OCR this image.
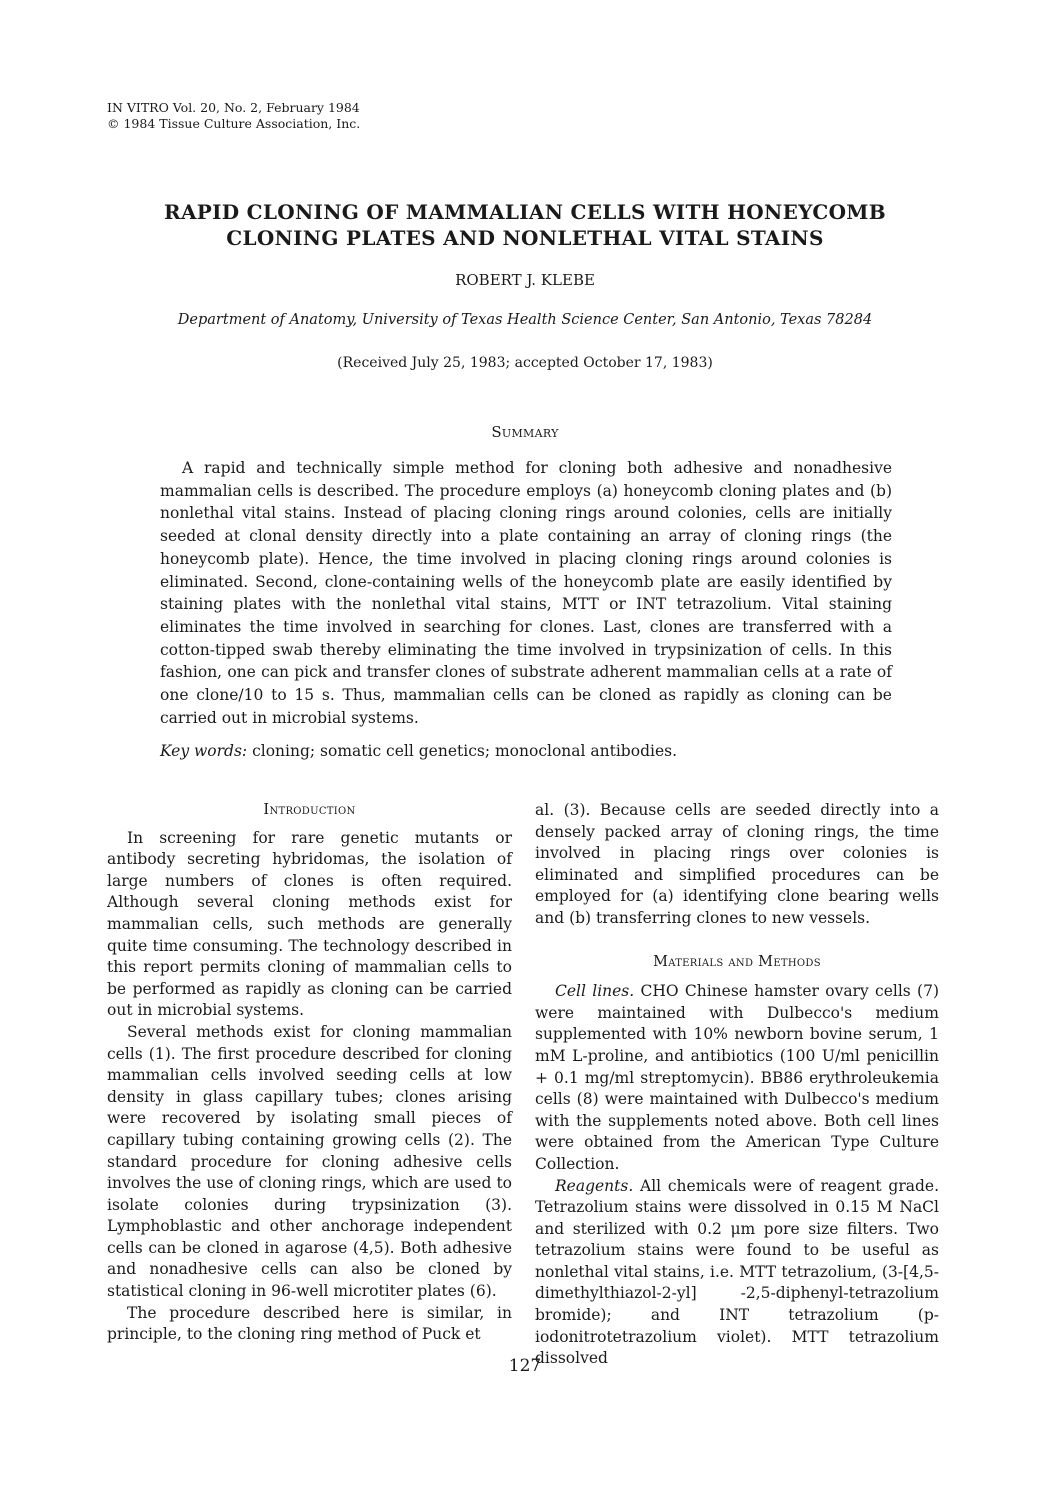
IN VITRO Vol. 20, No. 2, February 1984
© 1984 Tissue Culture Association, Inc.
RAPID CLONING OF MAMMALIAN CELLS WITH HONEYCOMB
CLONING PLATES AND NONLETHAL VITAL STAINS
ROBERT J. KLEBE
Department of Anatomy, University of Texas Health Science Center, San Antonio, Texas 78284
(Received July 25, 1983; accepted October 17, 1983)
Summary

A rapid and technically simple method for cloning both adhesive and nonadhesive mammalian cells is described. The procedure employs (a) honeycomb cloning plates and (b) nonlethal vital stains. Instead of placing cloning rings around colonies, cells are initially seeded at clonal density directly into a plate containing an array of cloning rings (the honeycomb plate). Hence, the time involved in placing cloning rings around colonies is eliminated. Second, clone-containing wells of the honeycomb plate are easily identified by staining plates with the nonlethal vital stains, MTT or INT tetrazolium. Vital staining eliminates the time involved in searching for clones. Last, clones are transferred with a cotton-tipped swab thereby eliminating the time involved in trypsinization of cells. In this fashion, one can pick and transfer clones of substrate adherent mammalian cells at a rate of one clone/10 to 15 s. Thus, mammalian cells can be cloned as rapidly as cloning can be carried out in microbial systems.

Key words: cloning; somatic cell genetics; monoclonal antibodies.

Introduction

In screening for rare genetic mutants or antibody secreting hybridomas, the isolation of large numbers of clones is often required. Although several cloning methods exist for mammalian cells, such methods are generally quite time consuming. The technology described in this report permits cloning of mammalian cells to be performed as rapidly as cloning can be carried out in microbial systems.

Several methods exist for cloning mammalian cells (1). The first procedure described for cloning mammalian cells involved seeding cells at low density in glass capillary tubes; clones arising were recovered by isolating small pieces of capillary tubing containing growing cells (2). The standard procedure for cloning adhesive cells involves the use of cloning rings, which are used to isolate colonies during trypsinization (3). Lymphoblastic and other anchorage independent cells can be cloned in agarose (4,5). Both adhesive and nonadhesive cells can also be cloned by statistical cloning in 96-well microtiter plates (6).

The procedure described here is similar, in principle, to the cloning ring method of Puck et

al. (3). Because cells are seeded directly into a densely packed array of cloning rings, the time involved in placing rings over colonies is eliminated and simplified procedures can be employed for (a) identifying clone bearing wells and (b) transferring clones to new vessels.

Materials and Methods

Cell lines. CHO Chinese hamster ovary cells (7) were maintained with Dulbecco's medium supplemented with 10% newborn bovine serum, 1 mM L-proline, and antibiotics (100 U/ml penicillin + 0.1 mg/ml streptomycin). BB86 erythroleukemia cells (8) were maintained with Dulbecco's medium with the supplements noted above. Both cell lines were obtained from the American Type Culture Collection.

Reagents. All chemicals were of reagent grade. Tetrazolium stains were dissolved in 0.15 M NaCl and sterilized with 0.2 μm pore size filters. Two tetrazolium stains were found to be useful as nonlethal vital stains, i.e. MTT tetrazolium, (3-[4,5-dimethylthiazol-2-yl] -2,5-diphenyl-tetrazolium bromide); and INT tetrazolium (p-iodonitrotetrazolium violet). MTT tetrazolium dissolved

127
